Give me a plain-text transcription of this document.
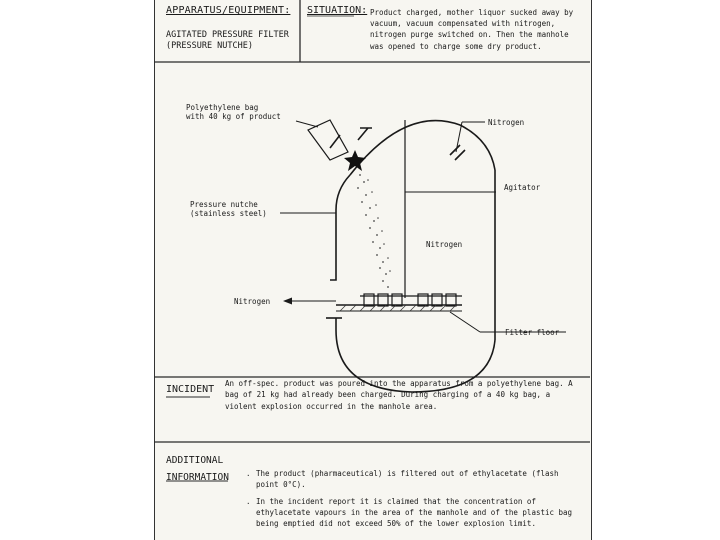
APPARATUS/EQUIPMENT:
AGITATED PRESSURE FILTER
(PRESSURE NUTCHE)
SITUATION: Product charged, mother liquor sucked away by vacuum, vacuum compensated with nitrogen, nitrogen purge switched on. Then the manhole was opened to charge some dry product.
Polyethylene bag
with 40 kg of product
Nitrogen
Agitator
Pressure nutche
(stainless steel)
Nitrogen
Nitrogen
Filter floor
INCIDENT
An off-spec. product was poured into the apparatus from a polyethylene bag. A bag of 21 kg had already been charged. During charging of a 40 kg bag, a violent explosion occurred in the manhole area.
ADDITIONAL
INFORMATION	. The product (pharmaceutical) is filtered out of ethylacetate (flash point 0°C).
. In the incident report it is claimed that the concentration of ethylacetate vapours in the area of the manhole and of the plastic bag being emptied did not exceed 50% of the lower explosion limit.
